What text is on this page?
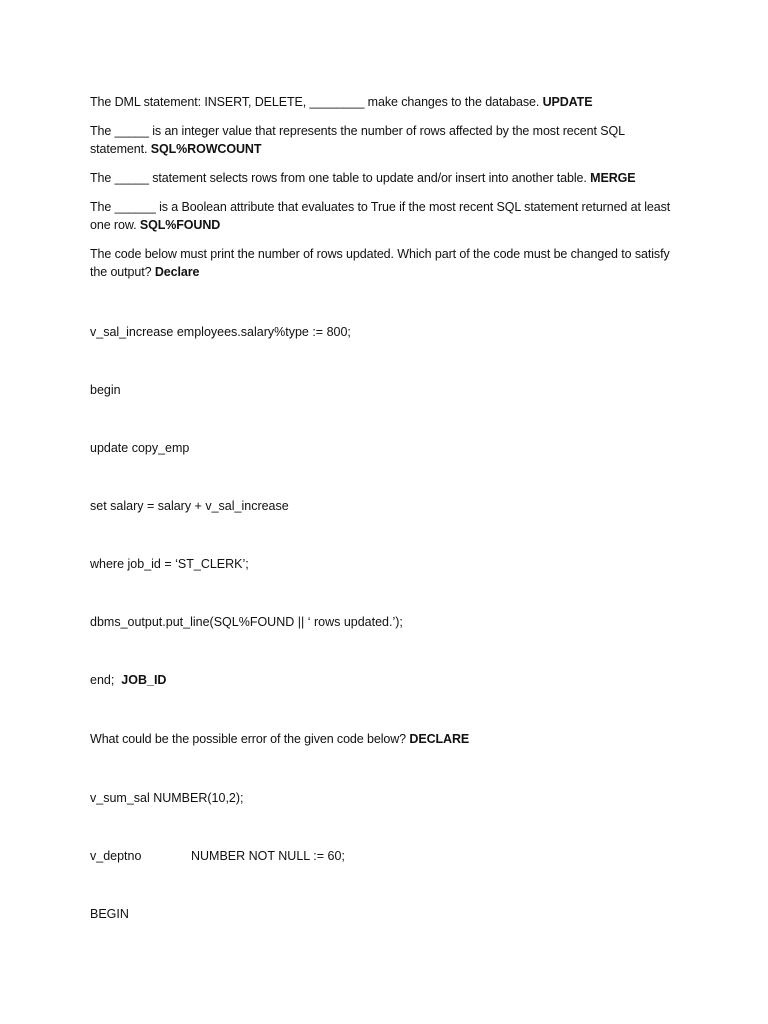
The DML statement: INSERT, DELETE, ________ make changes to the database. UPDATE
The _____ is an integer value that represents the number of rows affected by the most recent SQL statement. SQL%ROWCOUNT
The _____ statement selects rows from one table to update and/or insert into another table. MERGE
The ______ is a Boolean attribute that evaluates to True if the most recent SQL statement returned at least one row. SQL%FOUND
The code below must print the number of rows updated. Which part of the code must be changed to satisfy the output? Declare
v_sal_increase employees.salary%type := 800;
begin
update copy_emp
set salary = salary + v_sal_increase
where job_id = ‘ST_CLERK’;
dbms_output.put_line(SQL%FOUND || ‘ rows updated.’);
end; JOB_ID
What could be the possible error of the given code below? DECLARE
v_sum_sal NUMBER(10,2);
v_deptno	NUMBER NOT NULL := 60;
BEGIN
